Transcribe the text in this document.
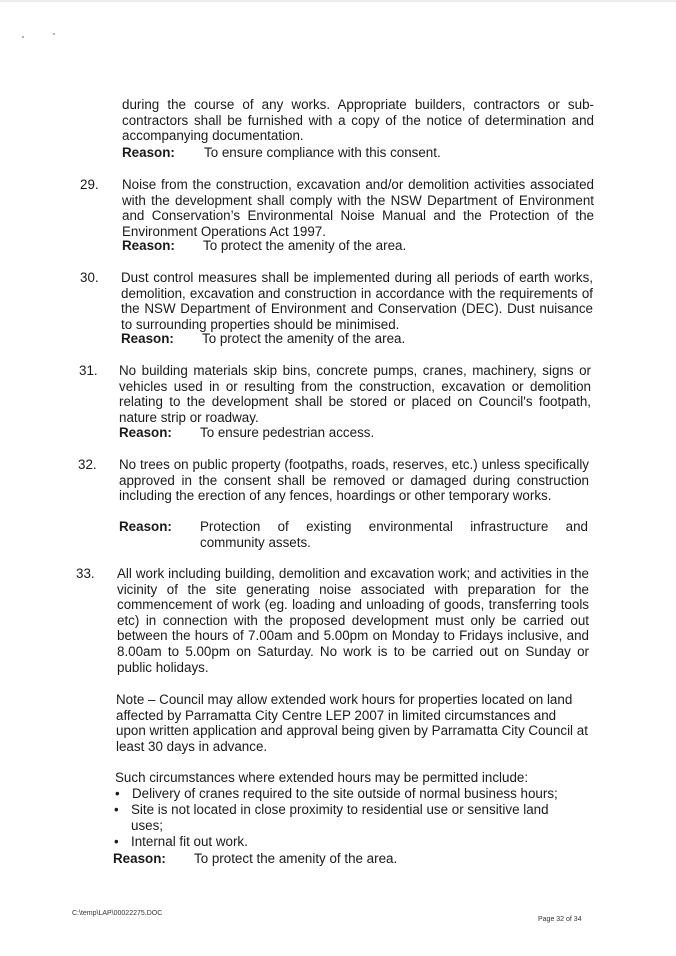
during the course of any works. Appropriate builders, contractors or sub-contractors shall be furnished with a copy of the notice of determination and accompanying documentation.
Reason: To ensure compliance with this consent.
29. Noise from the construction, excavation and/or demolition activities associated with the development shall comply with the NSW Department of Environment and Conservation’s Environmental Noise Manual and the Protection of the Environment Operations Act 1997.
Reason: To protect the amenity of the area.
30. Dust control measures shall be implemented during all periods of earth works, demolition, excavation and construction in accordance with the requirements of the NSW Department of Environment and Conservation (DEC). Dust nuisance to surrounding properties should be minimised.
Reason: To protect the amenity of the area.
31. No building materials skip bins, concrete pumps, cranes, machinery, signs or vehicles used in or resulting from the construction, excavation or demolition relating to the development shall be stored or placed on Council's footpath, nature strip or roadway.
Reason: To ensure pedestrian access.
32. No trees on public property (footpaths, roads, reserves, etc.) unless specifically approved in the consent shall be removed or damaged during construction including the erection of any fences, hoardings or other temporary works.
Reason: Protection of existing environmental infrastructure and community assets.
33. All work including building, demolition and excavation work; and activities in the vicinity of the site generating noise associated with preparation for the commencement of work (eg. loading and unloading of goods, transferring tools etc) in connection with the proposed development must only be carried out between the hours of 7.00am and 5.00pm on Monday to Fridays inclusive, and 8.00am to 5.00pm on Saturday. No work is to be carried out on Sunday or public holidays.
Note – Council may allow extended work hours for properties located on land affected by Parramatta City Centre LEP 2007 in limited circumstances and upon written application and approval being given by Parramatta City Council at least 30 days in advance.
Such circumstances where extended hours may be permitted include:
• Delivery of cranes required to the site outside of normal business hours;
• Site is not located in close proximity to residential use or sensitive land uses;
• Internal fit out work.
Reason: To protect the amenity of the area.
C:\temp\LAP\00022275.DOC
Page 32 of 34
